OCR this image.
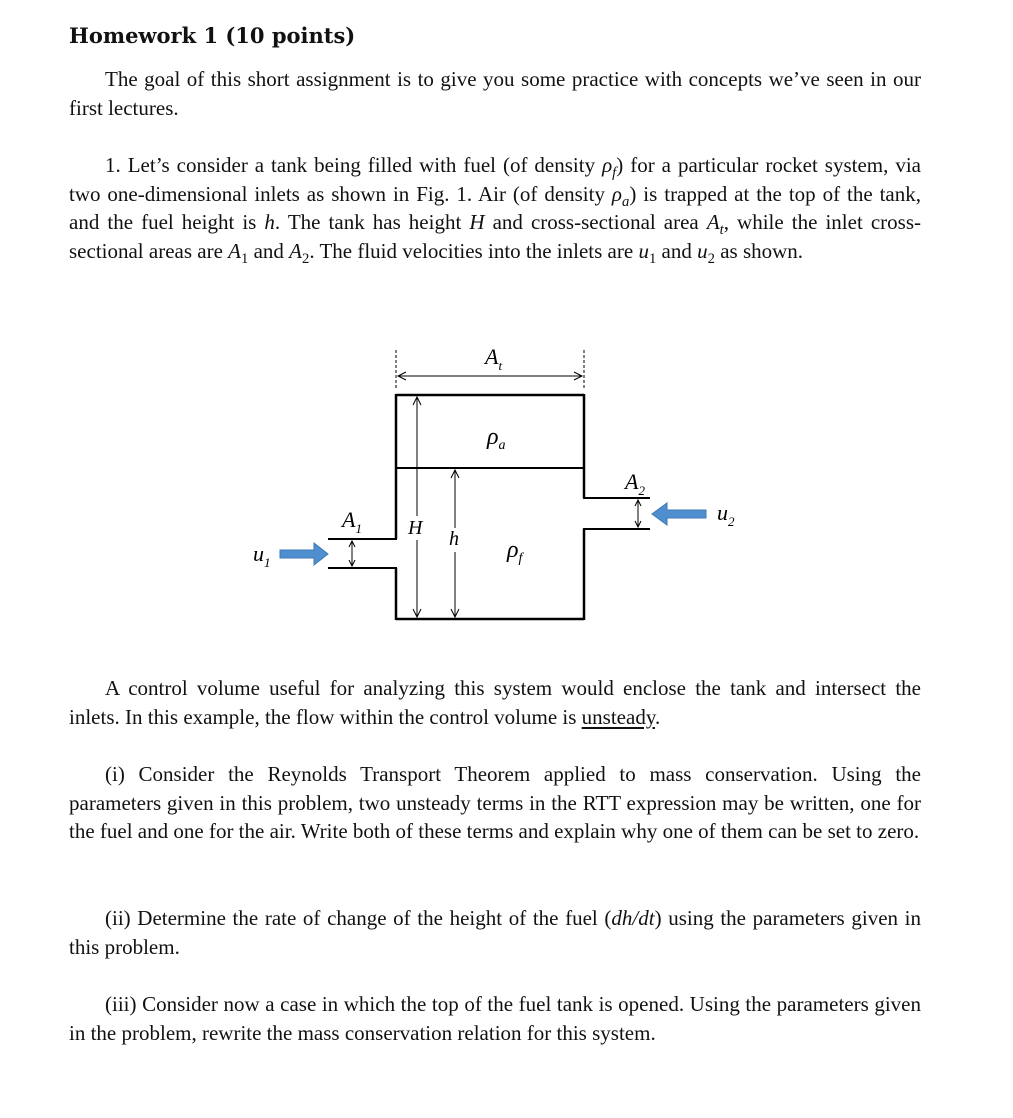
Homework 1 (10 points)

The goal of this short assignment is to give you some practice with concepts we’ve seen in our first lectures.

1. Let’s consider a tank being filled with fuel (of density $\rho_f$) for a particular rocket system, via two one-dimensional inlets as shown in Fig. 1. Air (of density $\rho_a$) is trapped at the top of the tank, and the fuel height is h. The tank has height H and cross-sectional area $A_t$, while the inlet cross-sectional areas are $A_1$ and $A_2$. The fluid velocities into the inlets are $u_1$ and $u_2$ as shown.

$A_t$
$\rho_a$
$\rho_f$
H h
$A_1$
$A_2$
$u_1$
$u_2$

A control volume useful for analyzing this system would enclose the tank and intersect the inlets. In this example, the flow within the control volume is unsteady.

(i) Consider the Reynolds Transport Theorem applied to mass conservation. Using the parameters given in this problem, two unsteady terms in the RTT expression may be written, one for the fuel and one for the air. Write both of these terms and explain why one of them can be set to zero.

(ii) Determine the rate of change of the height of the fuel (dh/dt) using the parameters given in this problem.

(iii) Consider now a case in which the top of the fuel tank is opened. Using the parameters given in the problem, rewrite the mass conservation relation for this system.
